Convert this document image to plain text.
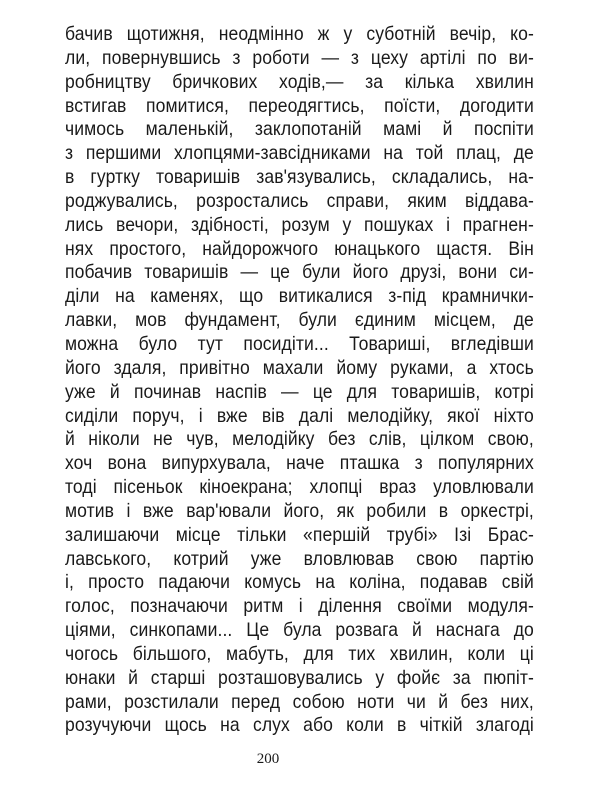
бачив щотижня, неодмінно ж у суботній вечір, ко-
ли, повернувшись з роботи — з цеху артілі по ви-
робництву бричкових ходів,— за кілька хвилин
встигав помитися, переодягтись, поїсти, догодити
чимось маленькій, заклопотаній мамі й поспіти
з першими хлопцями-завсідниками на той плац, де
в гуртку товаришів зав'язувались, складались, на-
роджувались, розростались справи, яким віддава-
лись вечори, здібності, розум у пошуках і прагнен-
нях простого, найдорожчого юнацького щастя. Він
побачив товаришів — це були його друзі, вони си-
діли на каменях, що витикалися з-під крамнички-
лавки, мов фундамент, були єдиним місцем, де
можна було тут посидіти... Товариші, вгледівши
його здаля, привітно махали йому руками, а хтось
уже й починав наспів — це для товаришів, котрі
сиділи поруч, і вже вів далі мелодійку, якої ніхто
й ніколи не чув, мелодійку без слів, цілком свою,
хоч вона випурхувала, наче пташка з популярних
тоді пісеньок кіноекрана; хлопці враз уловлювали
мотив і вже вар'ювали його, як робили в оркестрі,
залишаючи місце тільки «першій трубі» Ізі Брас-
лавського, котрий уже вловлював свою партію
і, просто падаючи комусь на коліна, подавав свій
голос, позначаючи ритм і ділення своїми модуля-
ціями, синкопами... Це була розвага й наснага до
чогось більшого, мабуть, для тих хвилин, коли ці
юнаки й старші розташовувались у фойє за пюпіт-
рами, розстилали перед собою ноти чи й без них,
розучуючи щось на слух або коли в чіткій злагоді
200
